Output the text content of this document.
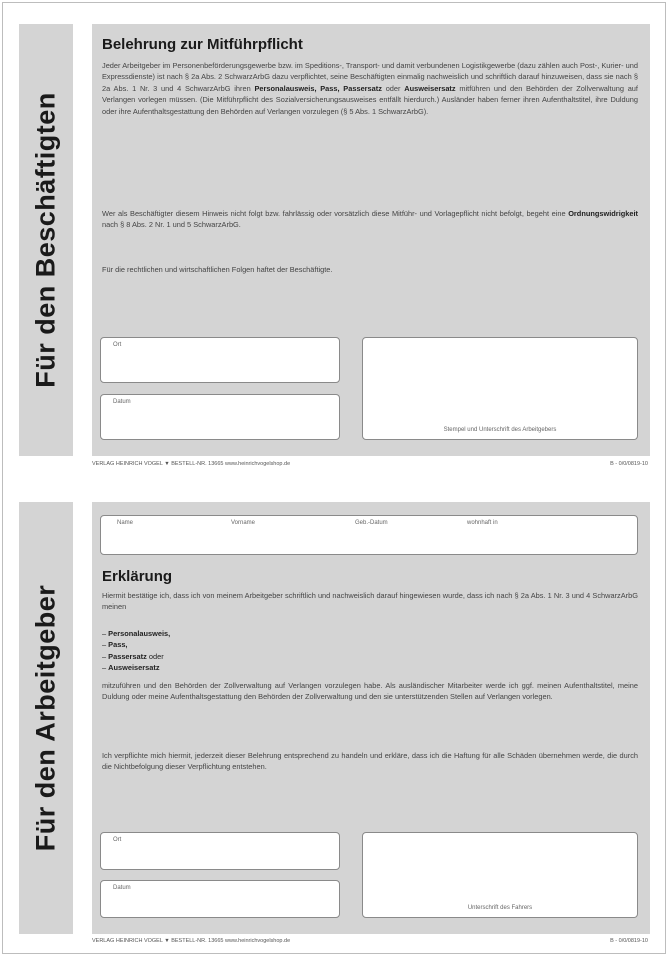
Für den Beschäftigten
Belehrung zur Mitführpflicht

Jeder Arbeitgeber im Personenbeförderungsgewerbe bzw. im Speditions-, Transport- und damit verbundenen Logistikgewerbe (dazu zählen auch Post-, Kurier- und Expressdienste) ist nach § 2a Abs. 2 SchwarzArbG dazu verpflichtet, seine Beschäftigten einmalig nachweislich und schriftlich darauf hinzuweisen, dass sie nach § 2a Abs. 1 Nr. 3 und 4 SchwarzArbG ihren Personalausweis, Pass, Passersatz oder Ausweisersatz mitführen und den Behörden der Zollverwaltung auf Verlangen vorlegen müssen. (Die Mitführpflicht des Sozialversicherungsausweises entfällt hierdurch.) Ausländer haben ferner ihren Aufenthaltstitel, ihre Duldung oder ihre Aufenthaltsgestattung den Behörden auf Verlangen vorzulegen (§ 5 Abs. 1 SchwarzArbG).

Wer als Beschäftigter diesem Hinweis nicht folgt bzw. fahrlässig oder vorsätzlich diese Mitführ- und Vorlagepflicht nicht befolgt, begeht eine Ordnungswidrigkeit nach § 8 Abs. 2 Nr. 1 und 5 SchwarzArbG.

Für die rechtlichen und wirtschaftlichen Folgen haftet der Beschäftigte.

Ort
Datum
Stempel und Unterschrift des Arbeitgebers
VERLAG HEINRICH VOGEL ▼ BESTELL-NR. 13665 www.heinrichvogelshop.de	B - 0/0/0819-10
Für den Arbeitgeber
Name	Vorname	Geb.-Datum	wohnhaft in
Erklärung

Hiermit bestätige ich, dass ich von meinem Arbeitgeber schriftlich und nachweislich darauf hingewiesen wurde, dass ich nach § 2a Abs. 1 Nr. 3 und 4 SchwarzArbG meinen

– Personalausweis,
– Pass,
– Passersatz oder
– Ausweisersatz

mitzuführen und den Behörden der Zollverwaltung auf Verlangen vorzulegen habe. Als ausländischer Mitarbeiter werde ich ggf. meinen Aufenthaltstitel, meine Duldung oder meine Aufenthaltsgestattung den Behörden der Zollverwaltung und den sie unterstützenden Stellen auf Verlangen vorlegen.

Ich verpflichte mich hiermit, jederzeit dieser Belehrung entsprechend zu handeln und erkläre, dass ich die Haftung für alle Schäden übernehmen werde, die durch die Nichtbefolgung dieser Verpflichtung entstehen.

Ort
Datum
Unterschrift des Fahrers
VERLAG HEINRICH VOGEL ▼ BESTELL-NR. 13665 www.heinrichvogelshop.de	B - 0/0/0819-10
